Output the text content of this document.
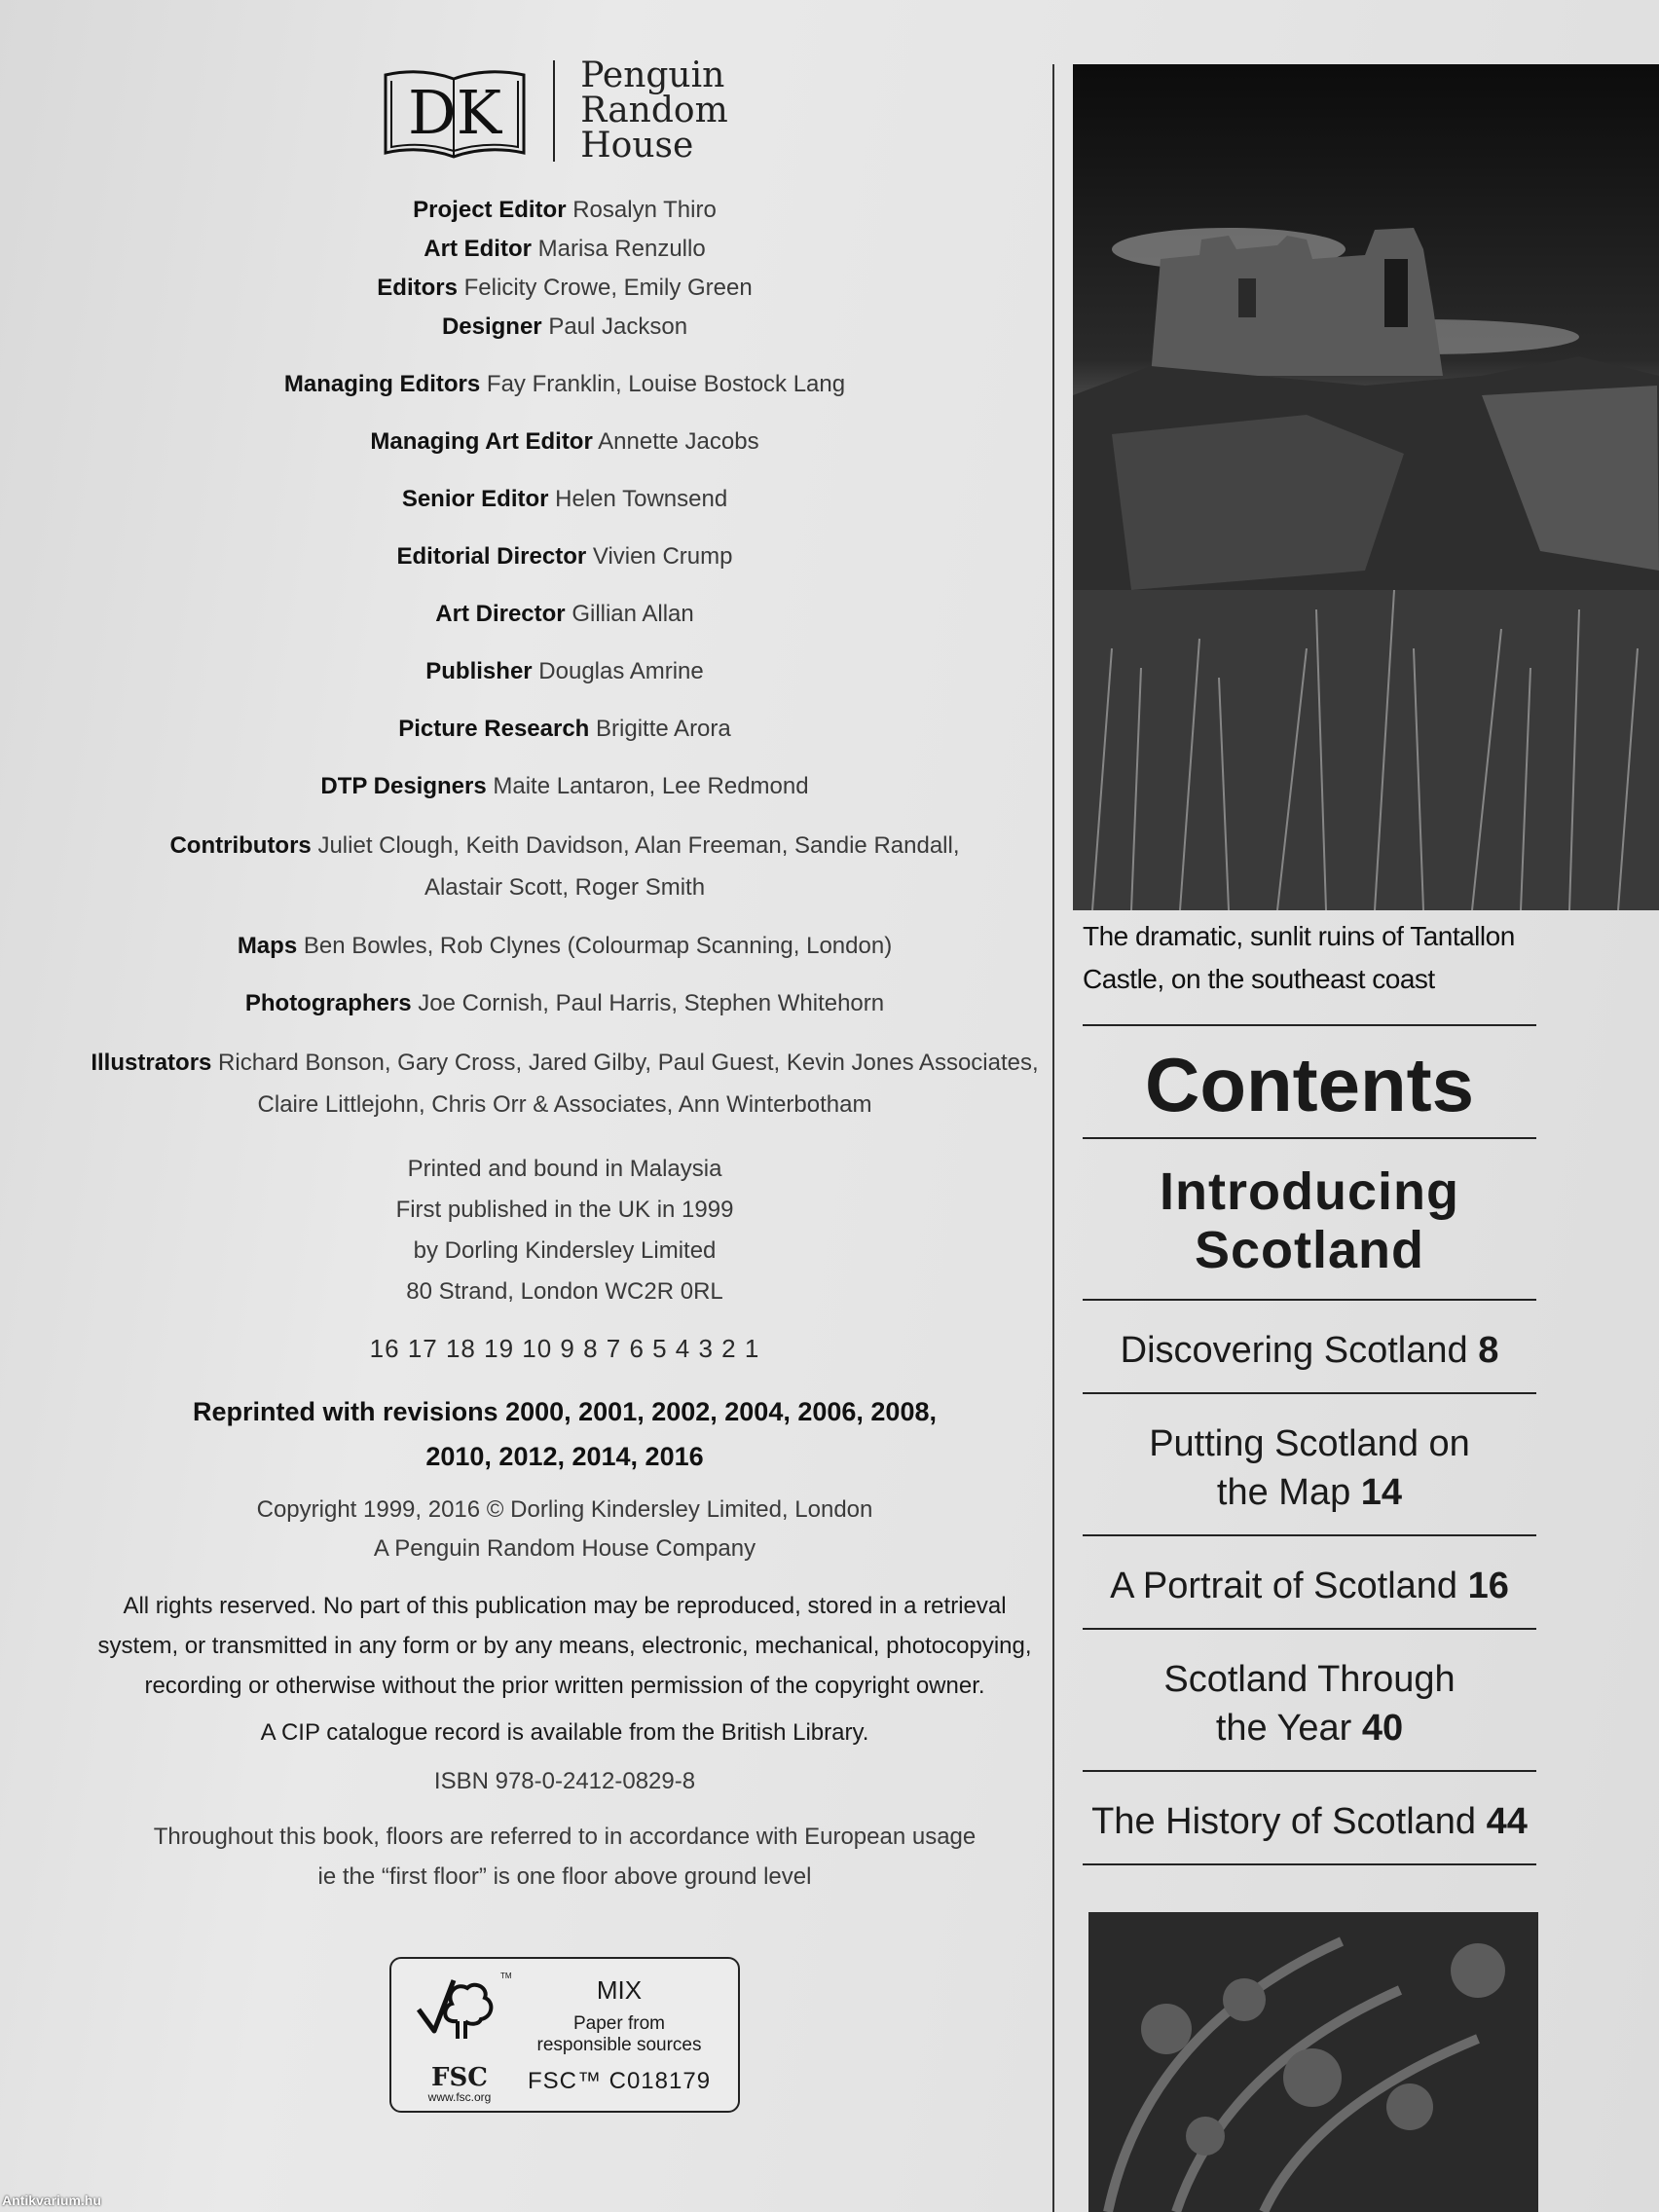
DK
Penguin
Random
House
Project Editor Rosalyn Thiro
Art Editor Marisa Renzullo
Editors Felicity Crowe, Emily Green
Designer Paul Jackson
Managing Editors Fay Franklin, Louise Bostock Lang
Managing Art Editor Annette Jacobs
Senior Editor Helen Townsend
Editorial Director Vivien Crump
Art Director Gillian Allan
Publisher Douglas Amrine
Picture Research Brigitte Arora
DTP Designers Maite Lantaron, Lee Redmond
Contributors Juliet Clough, Keith Davidson, Alan Freeman, Sandie Randall,
Alastair Scott, Roger Smith
Maps Ben Bowles, Rob Clynes (Colourmap Scanning, London)
Photographers Joe Cornish, Paul Harris, Stephen Whitehorn
Illustrators Richard Bonson, Gary Cross, Jared Gilby, Paul Guest, Kevin Jones Associates,
Claire Littlejohn, Chris Orr & Associates, Ann Winterbotham
Printed and bound in Malaysia
First published in the UK in 1999
by Dorling Kindersley Limited
80 Strand, London WC2R 0RL
16 17 18 19 10 9 8 7 6 5 4 3 2 1
Reprinted with revisions 2000, 2001, 2002, 2004, 2006, 2008,
2010, 2012, 2014, 2016
Copyright 1999, 2016 © Dorling Kindersley Limited, London
A Penguin Random House Company
All rights reserved. No part of this publication may be reproduced, stored in a retrieval
system, or transmitted in any form or by any means, electronic, mechanical, photocopying,
recording or otherwise without the prior written permission of the copyright owner.
A CIP catalogue record is available from the British Library.
ISBN 978-0-2412-0829-8
Throughout this book, floors are referred to in accordance with European usage
ie the “first floor” is one floor above ground level
TM
FSC
www.fsc.org
MIX
Paper from
responsible sources
FSC™ C018179
The dramatic, sunlit ruins of Tantallon
Castle, on the southeast coast
Contents
Introducing
Scotland
Discovering Scotland 8
Putting Scotland on
the Map 14
A Portrait of Scotland 16
Scotland Through
the Year 40
The History of Scotland 44
Antikvarium.hu
